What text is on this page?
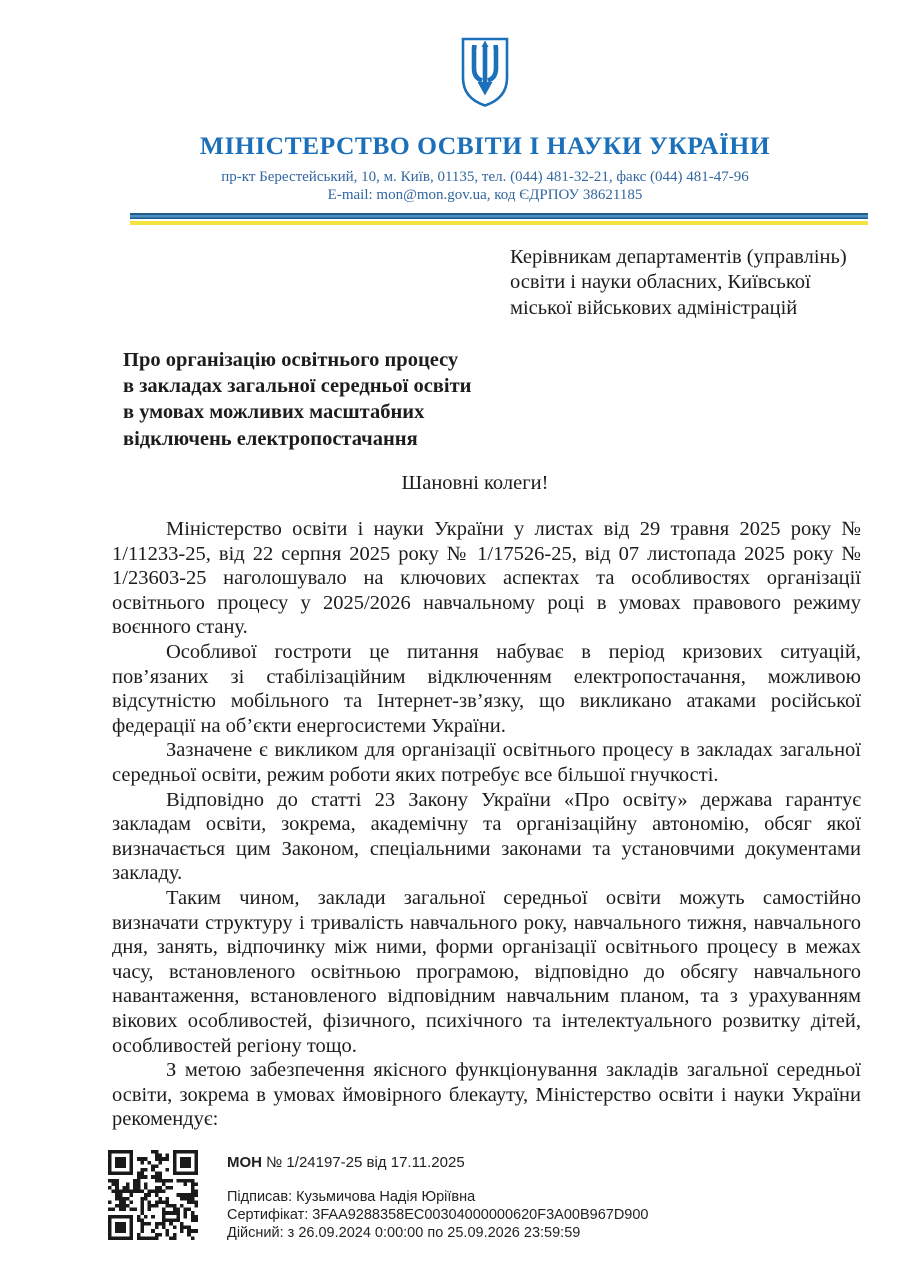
МІНІСТЕРСТВО ОСВІТИ І НАУКИ УКРАЇНИ
пр-кт Берестейський, 10, м. Київ, 01135, тел. (044) 481-32-21, факс (044) 481-47-96
E-mail: mon@mon.gov.ua, код ЄДРПОУ 38621185
Керівникам департаментів (управлінь)
освіти і науки обласних, Київської
міської військових адміністрацій
Про організацію освітнього процесу
в закладах загальної середньої освіти
в умовах можливих масштабних
відключень електропостачання
Шановні колеги!

Міністерство освіти і науки України у листах від 29 травня 2025 року № 1/11233-25, від 22 серпня 2025 року № 1/17526-25, від 07 листопада 2025 року № 1/23603-25 наголошувало на ключових аспектах та особливостях організації освітнього процесу у 2025/2026 навчальному році в умовах правового режиму воєнного стану.

Особливої гостроти це питання набуває в період кризових ситуацій, пов’язаних зі стабілізаційним відключенням електропостачання, можливою відсутністю мобільного та Інтернет-зв’язку, що викликано атаками російської федерації на об’єкти енергосистеми України.

Зазначене є викликом для організації освітнього процесу в закладах загальної середньої освіти, режим роботи яких потребує все більшої гнучкості.

Відповідно до статті 23 Закону України «Про освіту» держава гарантує закладам освіти, зокрема, академічну та організаційну автономію, обсяг якої визначається цим Законом, спеціальними законами та установчими документами закладу.

Таким чином, заклади загальної середньої освіти можуть самостійно визначати структуру і тривалість навчального року, навчального тижня, навчального дня, занять, відпочинку між ними, форми організації освітнього процесу в межах часу, встановленого освітньою програмою, відповідно до обсягу навчального навантаження, встановленого відповідним навчальним планом, та з урахуванням вікових особливостей, фізичного, психічного та інтелектуального розвитку дітей, особливостей регіону тощо.

З метою забезпечення якісного функціонування закладів загальної середньої освіти, зокрема в умовах ймовірного блекауту, Міністерство освіти і науки України рекомендує:

МОН № 1/24197-25 від 17.11.2025
Підписав: Кузьмичова Надія Юріївна
Сертифікат: 3FAA9288358EC00304000000620F3A00B967D900
Дійсний: з 26.09.2024 0:00:00 по 25.09.2026 23:59:59
